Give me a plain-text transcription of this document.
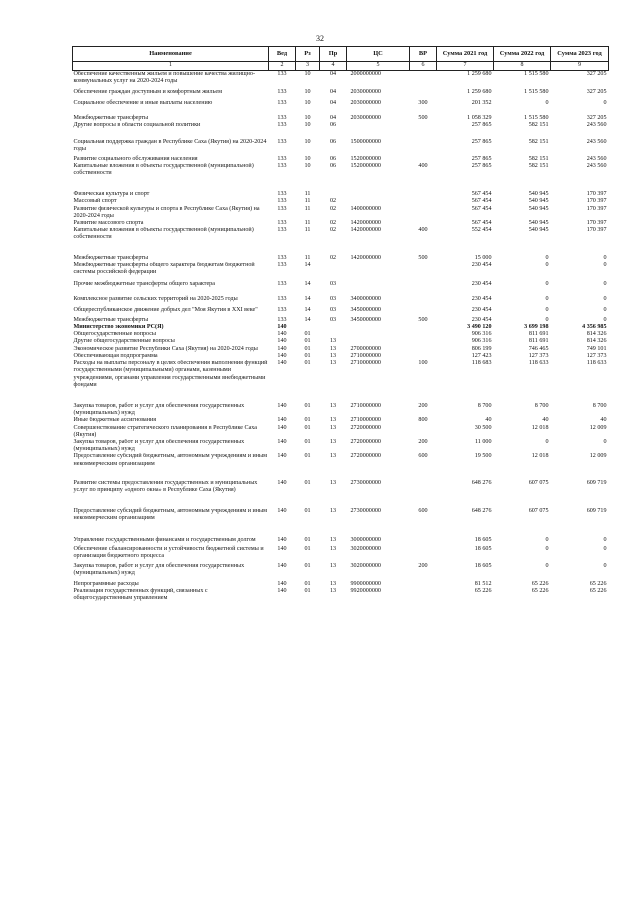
32
Наименование	Вед	Рз	Пр	ЦС	ВР	Сумма 2021 год	Сумма 2022 год	Сумма 2023 год
1	2	3	4	5	6	7	8	9
Обеспечение качественным жильем и повышение качества жилищно-коммунальных услуг на 2020-2024 годы	133	10	04	2000000000		1 259 680	1 515 580	327 205
Обеспечение граждан доступным и комфортным жильем	133	10	04	2030000000		1 259 680	1 515 580	327 205
Социальное обеспечение и иные выплаты населению	133	10	04	2030000000	300	201 352	0	0
Межбюджетные трансферты	133	10	04	2030000000	500	1 058 329	1 515 580	327 205
Другие вопросы в области социальной политики	133	10	06			257 865	582 151	243 560
Социальная поддержка граждан в Республике Саха (Якутия) на 2020-2024 годы	133	10	06	1500000000		257 865	582 151	243 560
Развитие социального обслуживания населения	133	10	06	1520000000		257 865	582 151	243 560
Капитальные вложения в объекты государственной (муниципальной) собственности	133	10	06	1520000000	400	257 865	582 151	243 560
Физическая культура и спорт	133	11				567 454	540 945	170 397
Массовый спорт	133	11	02			567 454	540 945	170 397
Развитие физической культуры и спорта в Республике Саха (Якутия) на 2020-2024 годы	133	11	02	1400000000		567 454	540 945	170 397
Развитие массового спорта	133	11	02	1420000000		567 454	540 945	170 397
Капитальные вложения в объекты государственной (муниципальной) собственности	133	11	02	1420000000	400	552 454	540 945	170 397
Межбюджетные трансферты	133	11	02	1420000000	500	15 000	0	0
Межбюджетные трансферты общего характера бюджетам бюджетной системы российской федерации	133	14				230 454	0	0
Прочие межбюджетные трансферты общего характера	133	14	03			230 454	0	0
Комплексное развитие сельских территорий на 2020-2025 годы	133	14	03	3400000000		230 454	0	0
Общереспубликанское движение добрых дел "Моя Якутия в XXI веке"	133	14	03	3450000000		230 454	0	0
Межбюджетные трансферты	133	14	03	3450000000	500	230 454	0	0
Министерство экономики РС(Я)	140					3 490 120	3 699 198	4 356 985
Общегосударственные вопросы	140	01				906 316	811 691	814 326
Другие общегосударственные вопросы	140	01	13			906 316	811 691	814 326
Экономическое развитие Республики Саха (Якутия) на 2020-2024 годы	140	01	13	2700000000		806 199	746 465	749 101
Обеспечивающая подпрограмма	140	01	13	2710000000		127 423	127 373	127 373
Расходы на выплаты персоналу в целях обеспечения выполнения функций государственными (муниципальными) органами, казенными учреждениями, органами управления государственными внебюджетными фондами	140	01	13	2710000000	100	118 683	118 633	118 633
Закупка товаров, работ и услуг для обеспечения государственных (муниципальных) нужд	140	01	13	2710000000	200	8 700	8 700	8 700
Иные бюджетные ассигнования	140	01	13	2710000000	800	40	40	40
Совершенствование стратегического планирования в Республике Саха (Якутия)	140	01	13	2720000000		30 500	12 018	12 009
Закупка товаров, работ и услуг для обеспечения государственных (муниципальных) нужд	140	01	13	2720000000	200	11 000	0	0
Предоставление субсидий бюджетным, автономным учреждениям и иным некоммерческим организациям	140	01	13	2720000000	600	19 500	12 018	12 009
Развитие системы предоставления государственных и муниципальных услуг по принципу «одного окна» в Республике Саха (Якутия)	140	01	13	2730000000		648 276	607 075	609 719
Предоставление субсидий бюджетным, автономным учреждениям и иным некоммерческим организациям	140	01	13	2730000000	600	648 276	607 075	609 719
Управление государственными финансами и государственным долгом	140	01	13	3000000000		18 605	0	0
Обеспечение сбалансированности и устойчивости бюджетной системы и организация бюджетного процесса	140	01	13	3020000000		18 605	0	0
Закупка товаров, работ и услуг для обеспечения государственных (муниципальных) нужд	140	01	13	3020000000	200	18 605	0	0
Непрограммные расходы	140	01	13	9900000000		81 512	65 226	65 226
Реализация государственных функций, связанных с общегосударственным управлением	140	01	13	9920000000		65 226	65 226	65 226
